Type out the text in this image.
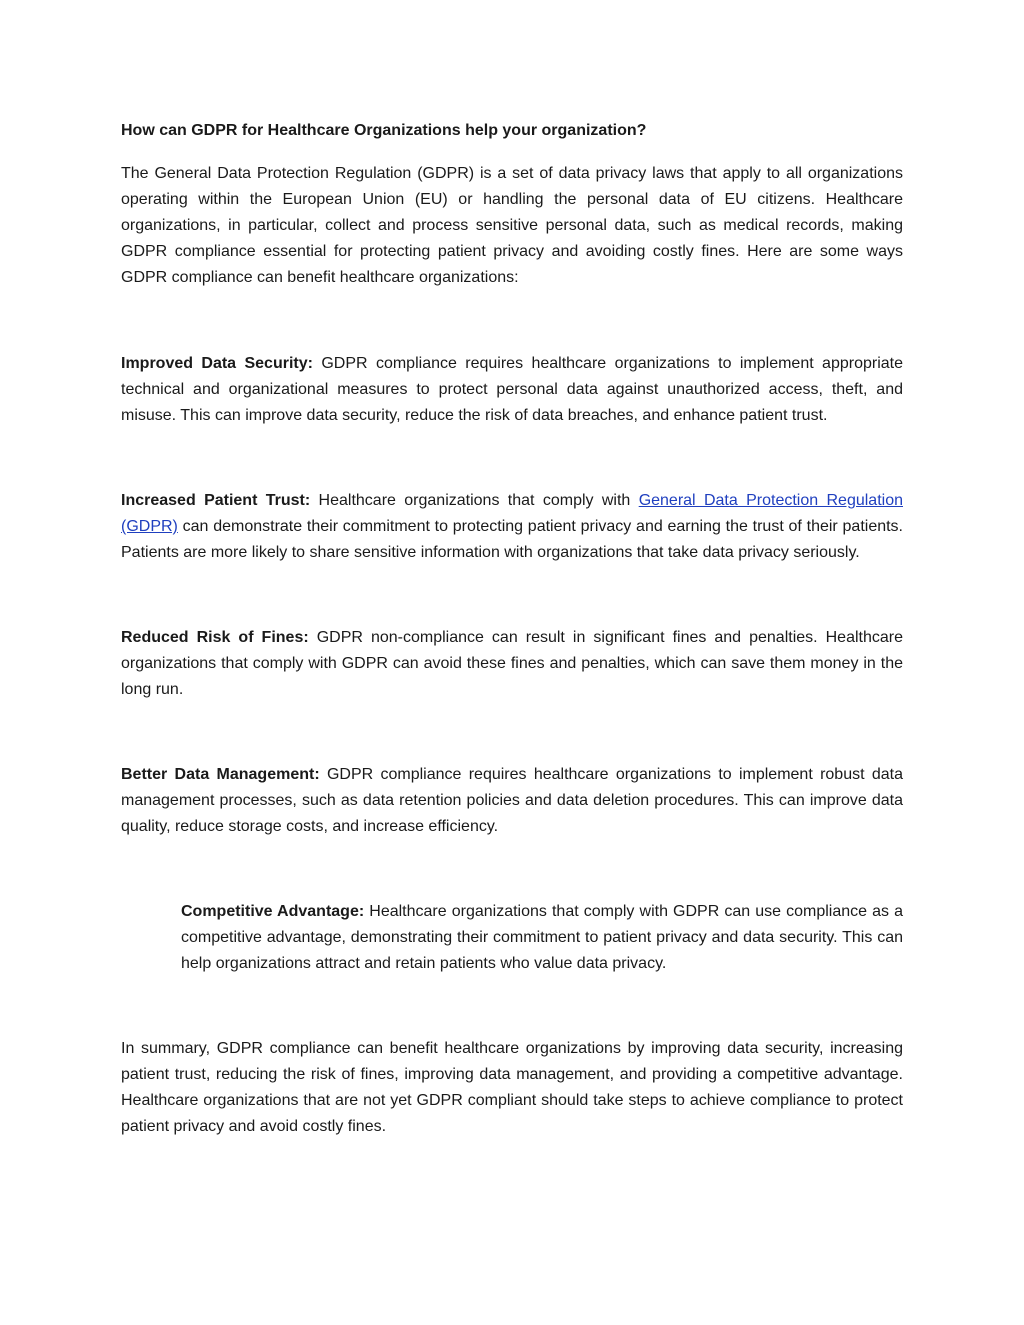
How can GDPR for Healthcare Organizations help your organization?

The General Data Protection Regulation (GDPR) is a set of data privacy laws that apply to all organizations operating within the European Union (EU) or handling the personal data of EU citizens. Healthcare organizations, in particular, collect and process sensitive personal data, such as medical records, making GDPR compliance essential for protecting patient privacy and avoiding costly fines. Here are some ways GDPR compliance can benefit healthcare organizations:

Improved Data Security: GDPR compliance requires healthcare organizations to implement appropriate technical and organizational measures to protect personal data against unauthorized access, theft, and misuse. This can improve data security, reduce the risk of data breaches, and enhance patient trust.

Increased Patient Trust: Healthcare organizations that comply with General Data Protection Regulation (GDPR) can demonstrate their commitment to protecting patient privacy and earning the trust of their patients. Patients are more likely to share sensitive information with organizations that take data privacy seriously.

Reduced Risk of Fines: GDPR non-compliance can result in significant fines and penalties. Healthcare organizations that comply with GDPR can avoid these fines and penalties, which can save them money in the long run.

Better Data Management: GDPR compliance requires healthcare organizations to implement robust data management processes, such as data retention policies and data deletion procedures. This can improve data quality, reduce storage costs, and increase efficiency.

Competitive Advantage: Healthcare organizations that comply with GDPR can use compliance as a competitive advantage, demonstrating their commitment to patient privacy and data security. This can help organizations attract and retain patients who value data privacy.

In summary, GDPR compliance can benefit healthcare organizations by improving data security, increasing patient trust, reducing the risk of fines, improving data management, and providing a competitive advantage. Healthcare organizations that are not yet GDPR compliant should take steps to achieve compliance to protect patient privacy and avoid costly fines.
